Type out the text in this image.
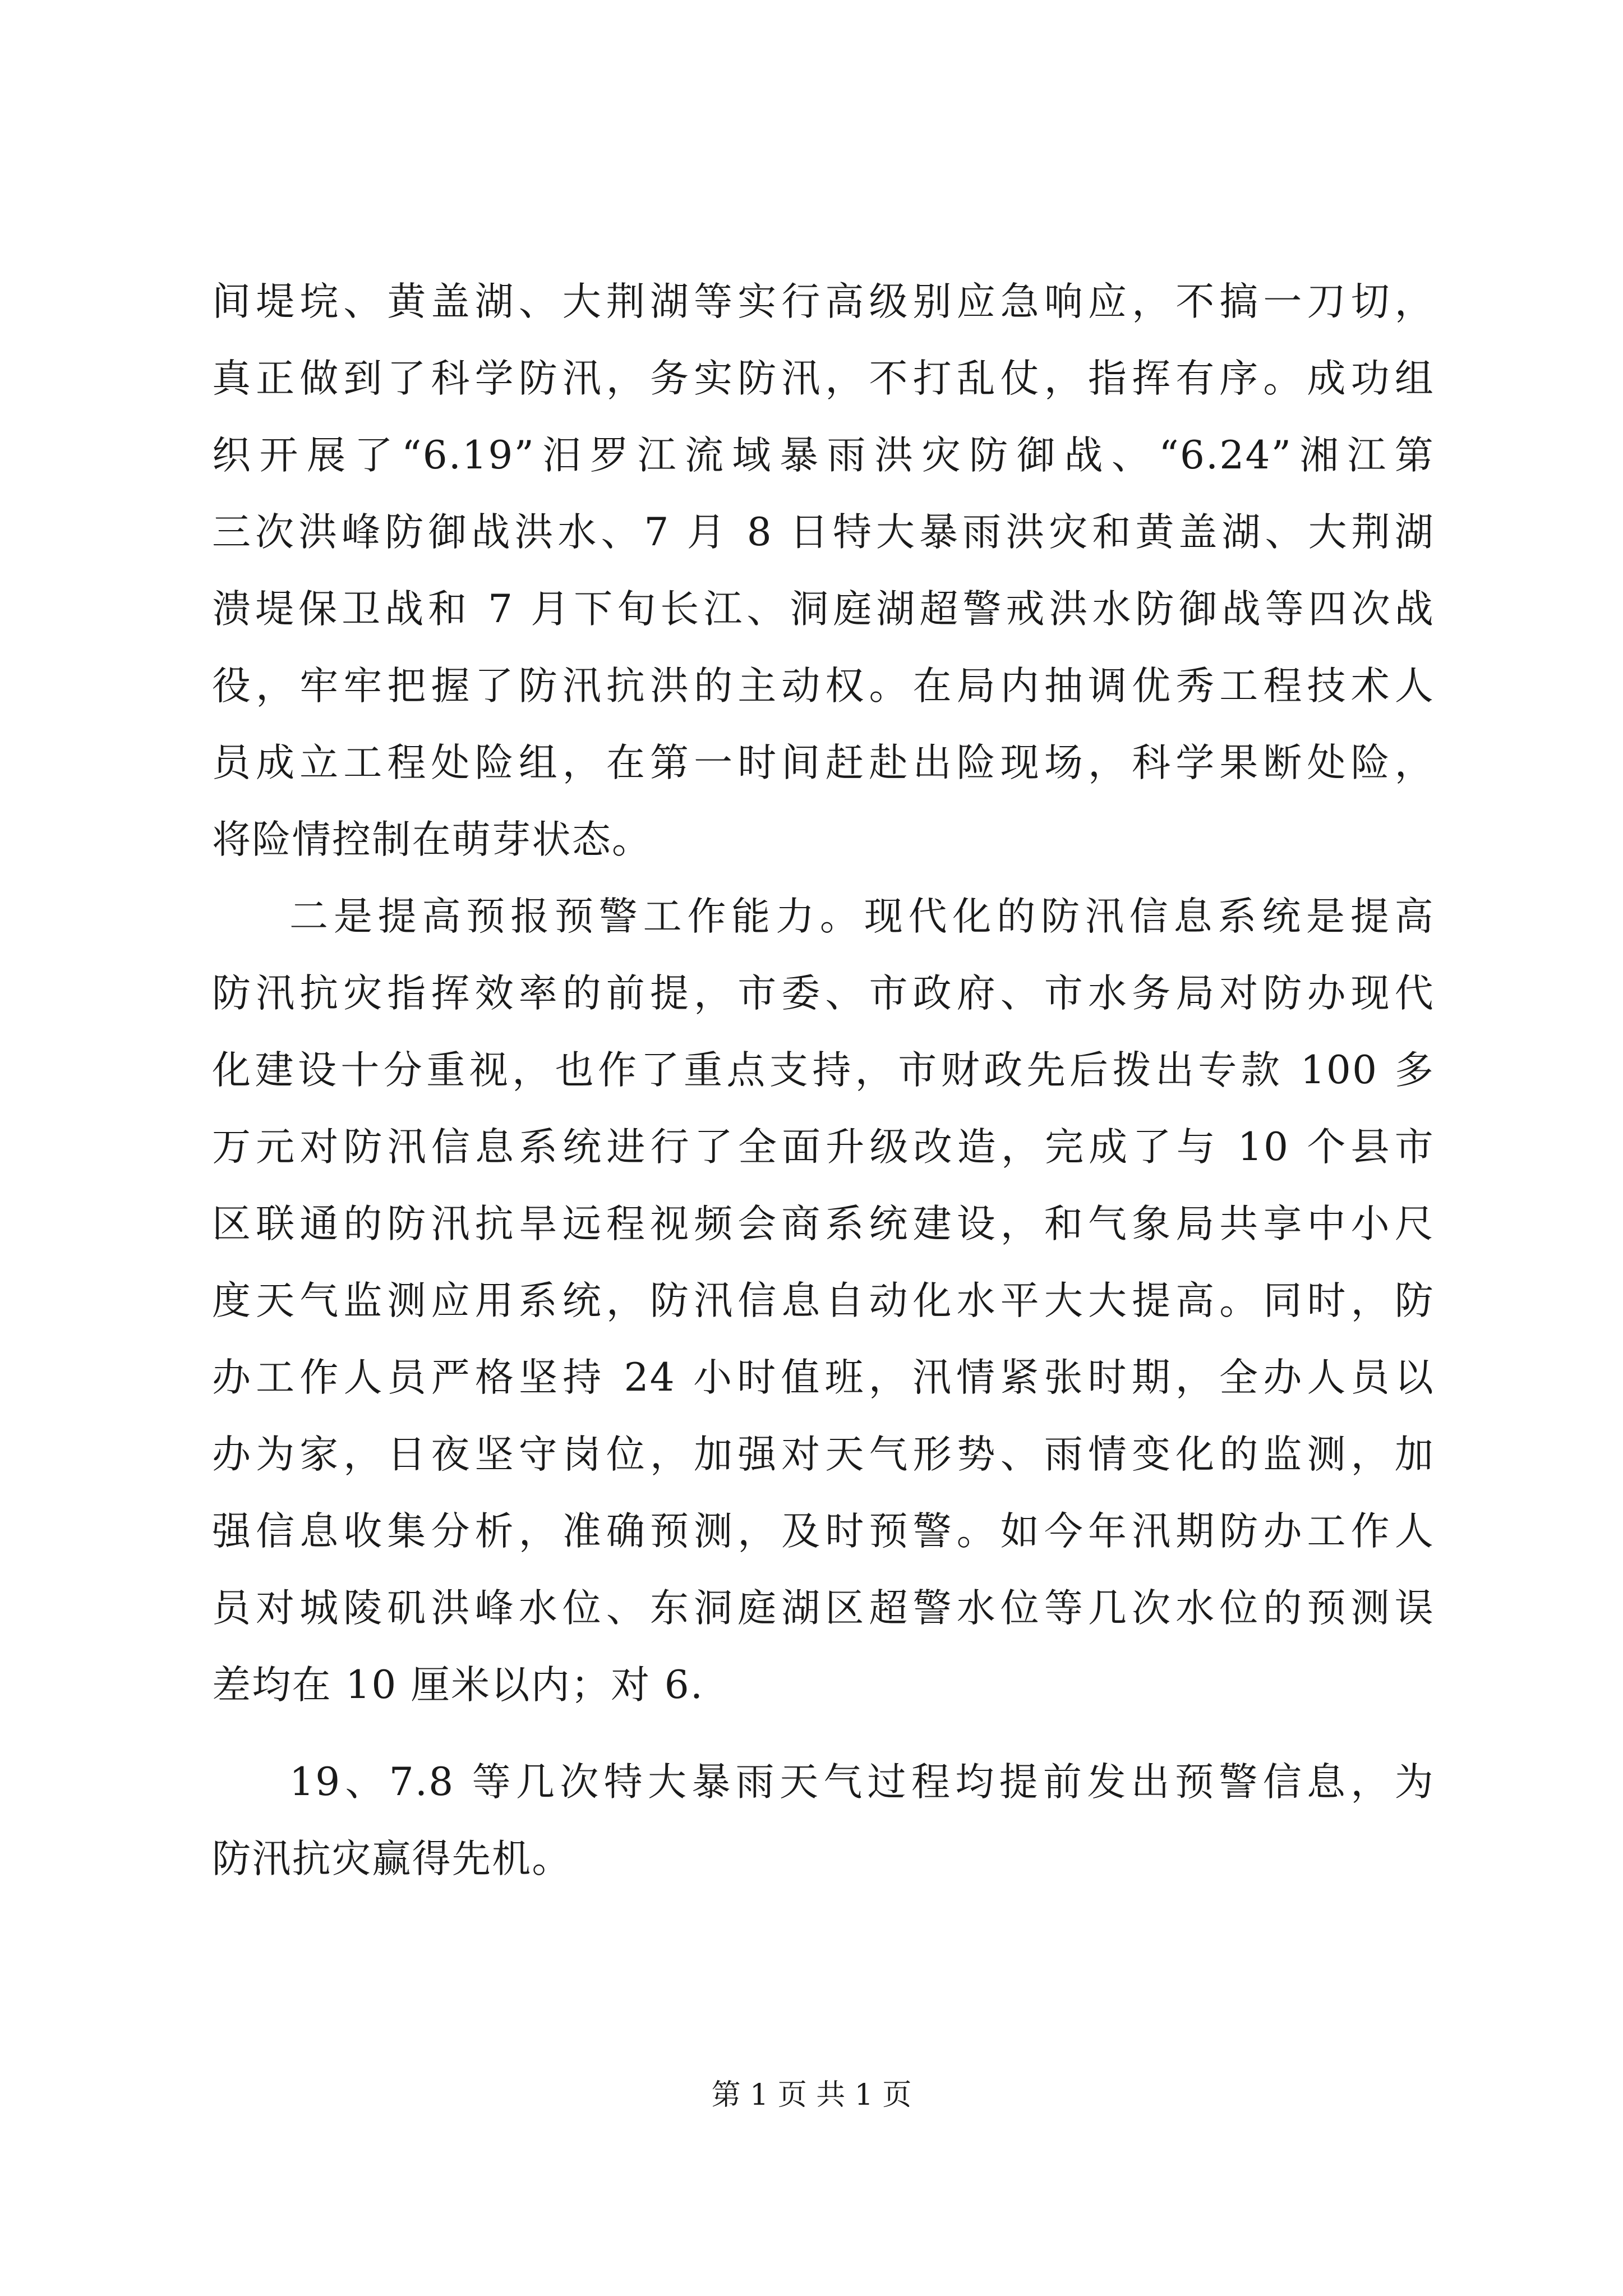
间堤垸、黄盖湖、大荆湖等实行高级别应急响应，不搞一刀切，
真正做到了科学防汛，务实防汛，不打乱仗，指挥有序。成功组
织开展了“6.19”汨罗江流域暴雨洪灾防御战、“6.24”湘江第
三次洪峰防御战洪水、7 月 8 日特大暴雨洪灾和黄盖湖、大荆湖
溃堤保卫战和 7 月下旬长江、洞庭湖超警戒洪水防御战等四次战
役，牢牢把握了防汛抗洪的主动权。在局内抽调优秀工程技术人
员成立工程处险组，在第一时间赶赴出险现场，科学果断处险，
将险情控制在萌芽状态。
二是提高预报预警工作能力。现代化的防汛信息系统是提高
防汛抗灾指挥效率的前提，市委、市政府、市水务局对防办现代
化建设十分重视，也作了重点支持，市财政先后拨出专款 100 多
万元对防汛信息系统进行了全面升级改造，完成了与 10 个县市
区联通的防汛抗旱远程视频会商系统建设，和气象局共享中小尺
度天气监测应用系统，防汛信息自动化水平大大提高。同时，防
办工作人员严格坚持 24 小时值班，汛情紧张时期，全办人员以
办为家，日夜坚守岗位，加强对天气形势、雨情变化的监测，加
强信息收集分析，准确预测，及时预警。如今年汛期防办工作人
员对城陵矶洪峰水位、东洞庭湖区超警水位等几次水位的预测误
差均在 10 厘米以内；对 6.
19、7.8 等几次特大暴雨天气过程均提前发出预警信息，为
防汛抗灾赢得先机。
第 1 页 共 1 页
